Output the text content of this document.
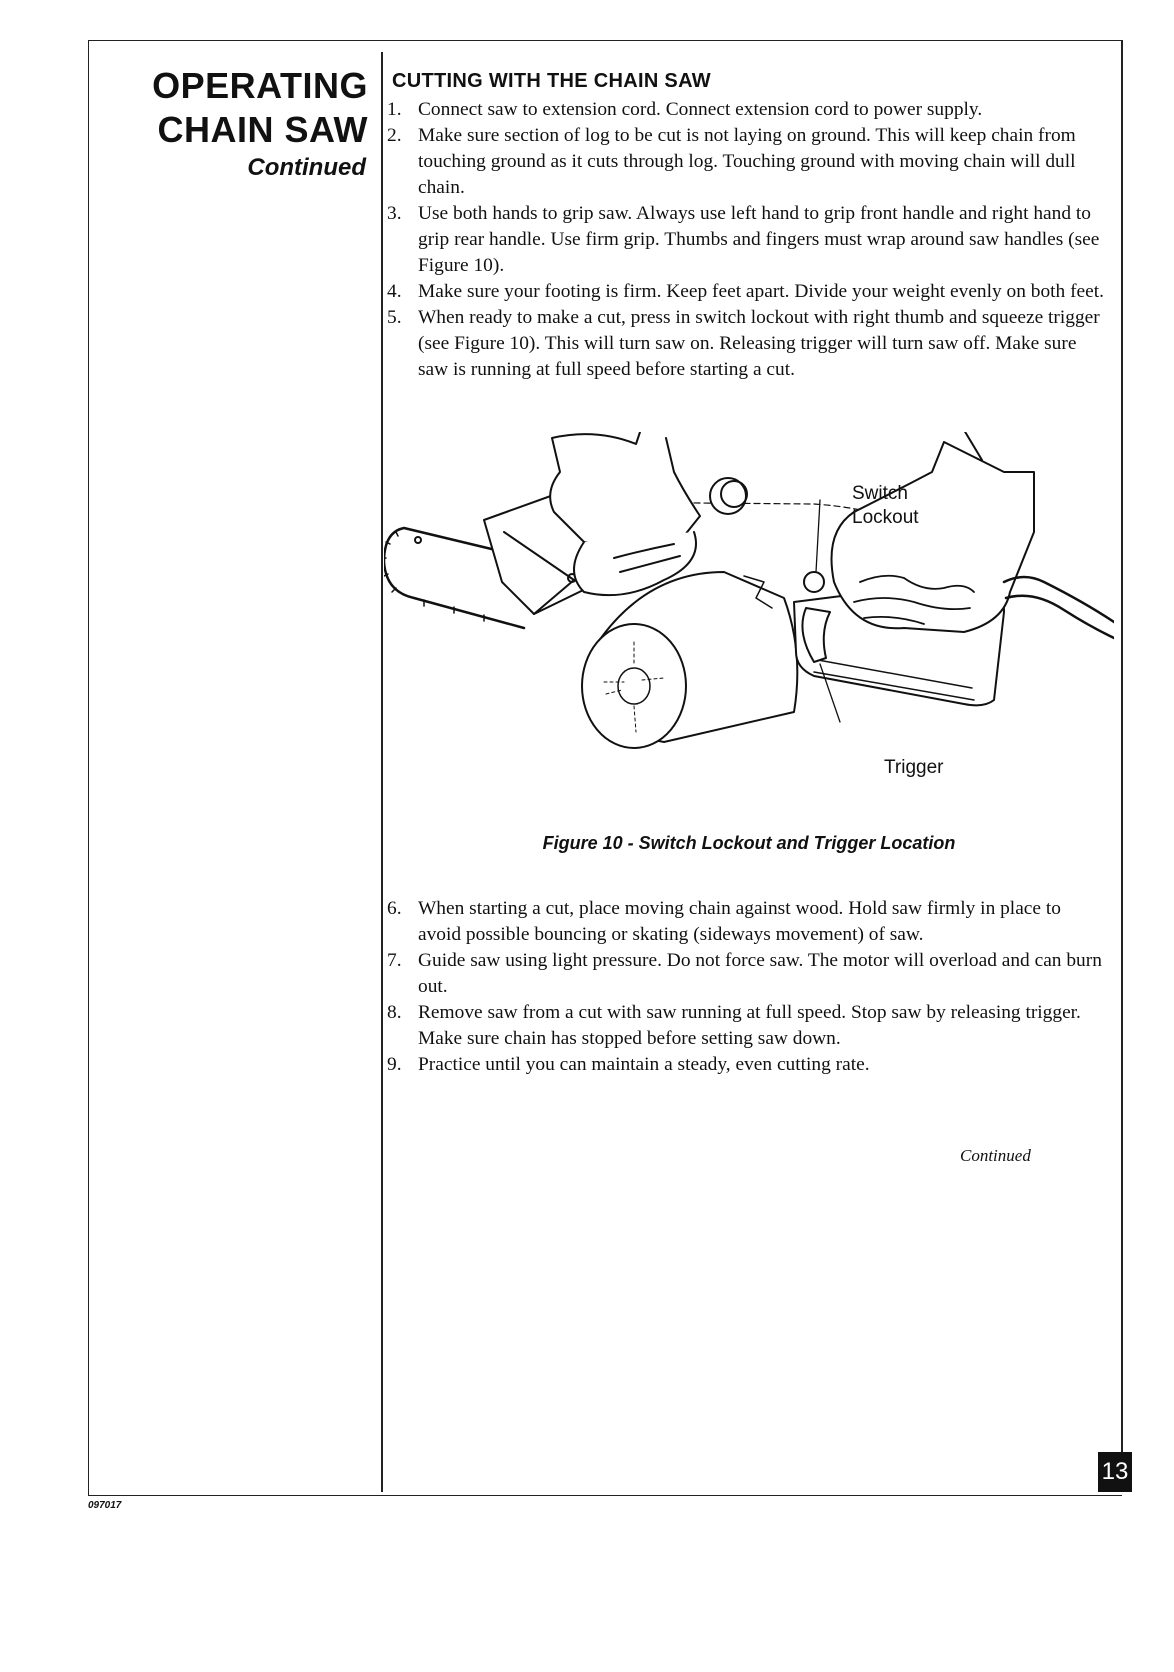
OPERATING
CHAIN SAW
Continued
CUTTING WITH THE CHAIN SAW
1. Connect saw to extension cord. Connect extension cord to power supply.
2. Make sure section of log to be cut is not laying on ground. This will keep chain from touching ground as it cuts through log. Touching ground with moving chain will dull chain.
3. Use both hands to grip saw. Always use left hand to grip front handle and right hand to grip rear handle. Use firm grip. Thumbs and fingers must wrap around saw handles (see Figure 10).
4. Make sure your footing is firm. Keep feet apart. Divide your weight evenly on both feet.
5. When ready to make a cut, press in switch lockout with right thumb and squeeze trigger (see Figure 10). This will turn saw on. Releasing trigger will turn saw off. Make sure saw is running at full speed before starting a cut.
Switch
Lockout
Trigger
Figure 10 - Switch Lockout and Trigger Location
6. When starting a cut, place moving chain against wood. Hold saw firmly in place to avoid possible bouncing or skating (sideways movement) of saw.
7. Guide saw using light pressure. Do not force saw. The motor will overload and can burn out.
8. Remove saw from a cut with saw running at full speed. Stop saw by releasing trigger. Make sure chain has stopped before setting saw down.
9. Practice until you can maintain a steady, even cutting rate.
Continued
13
097017
